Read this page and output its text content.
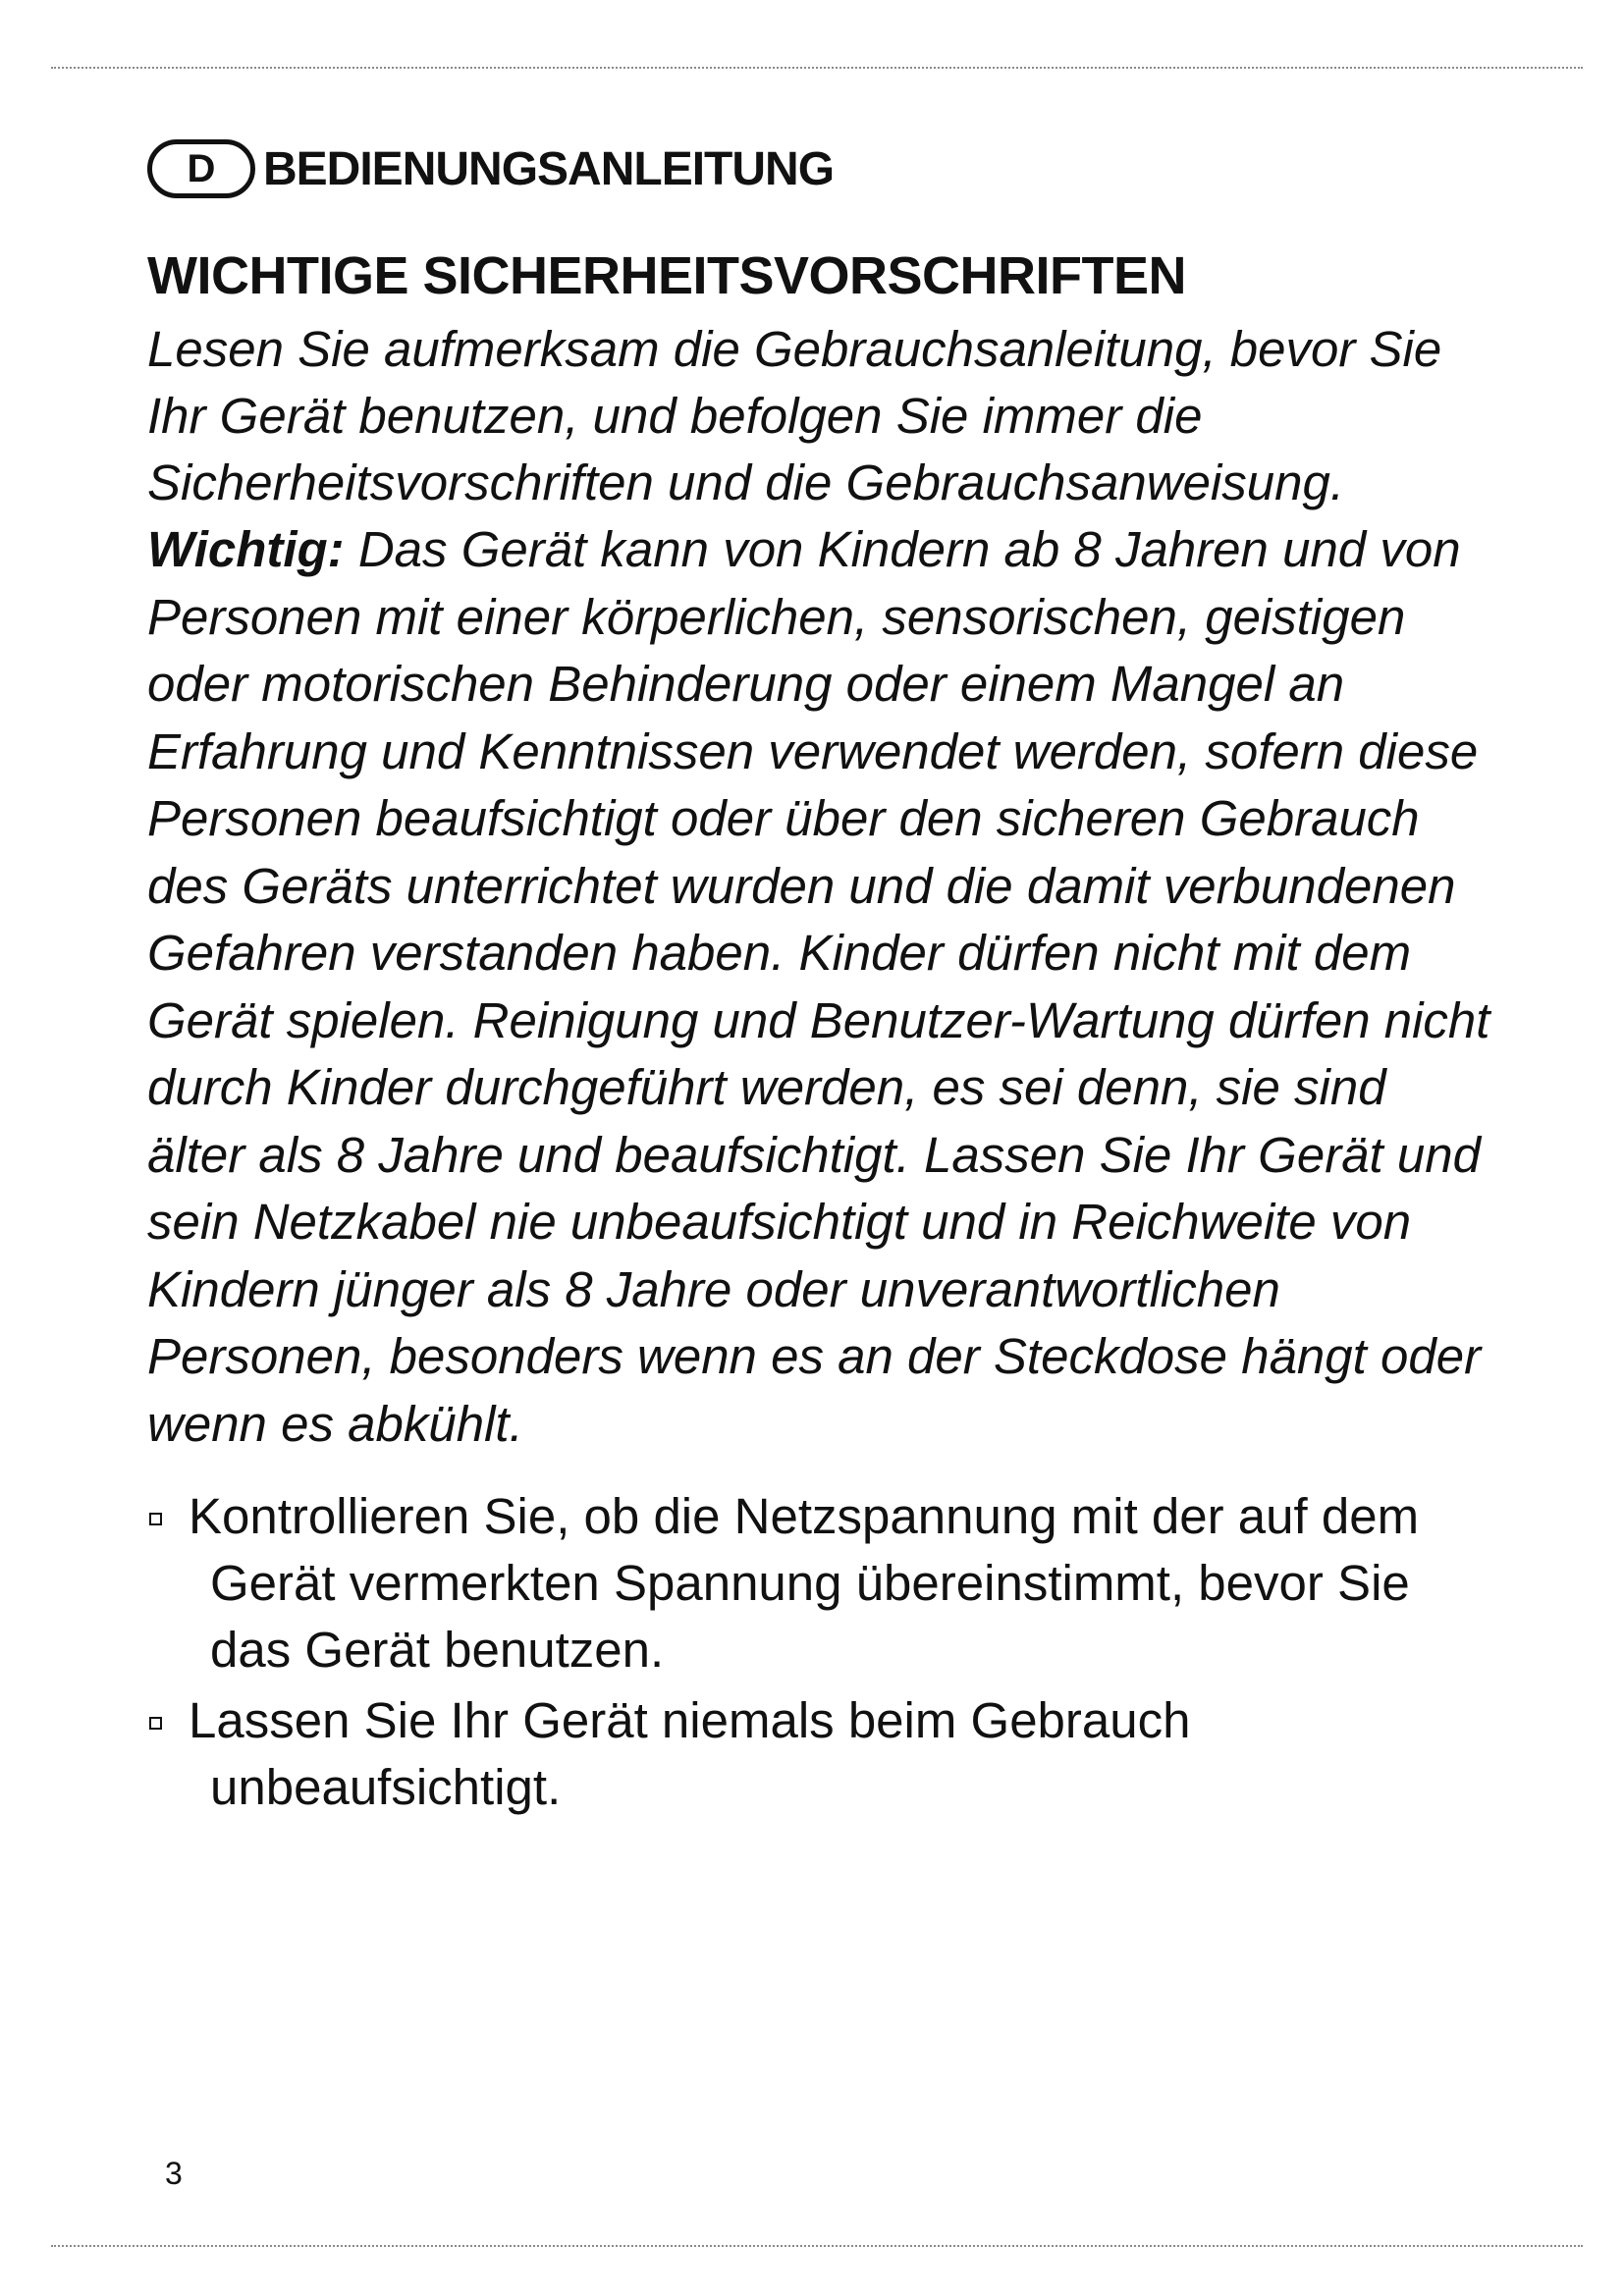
D BEDIENUNGSANLEITUNG
WICHTIGE SICHERHEITSVORSCHRIFTEN

Lesen Sie aufmerksam die Gebrauchsanleitung, bevor Sie Ihr Gerät benutzen, und befolgen Sie immer die Sicherheitsvorschriften und die Gebrauchsanweisung.

Wichtig: Das Gerät kann von Kindern ab 8 Jahren und von Personen mit einer körperlichen, sensorischen, geistigen oder motorischen Behinderung oder einem Mangel an Erfahrung und Kenntnissen verwendet werden, sofern diese Personen beaufsichtigt oder über den sicheren Gebrauch des Geräts unterrichtet wurden und die damit verbundenen Gefahren verstanden haben. Kinder dürfen nicht mit dem Gerät spielen. Reinigung und Benutzer-Wartung dürfen nicht durch Kinder durchgeführt werden, es sei denn, sie sind älter als 8 Jahre und beaufsichtigt. Lassen Sie Ihr Gerät und sein Netzkabel nie unbeaufsichtigt und in Reichweite von Kindern jünger als 8 Jahre oder unverantwortlichen Personen, besonders wenn es an der Steckdose hängt oder wenn es abkühlt.

Kontrollieren Sie, ob die Netzspannung mit der auf dem Gerät vermerkten Spannung übereinstimmt, bevor Sie das Gerät benutzen.
Lassen Sie Ihr Gerät niemals beim Gebrauch unbeaufsichtigt.
3
